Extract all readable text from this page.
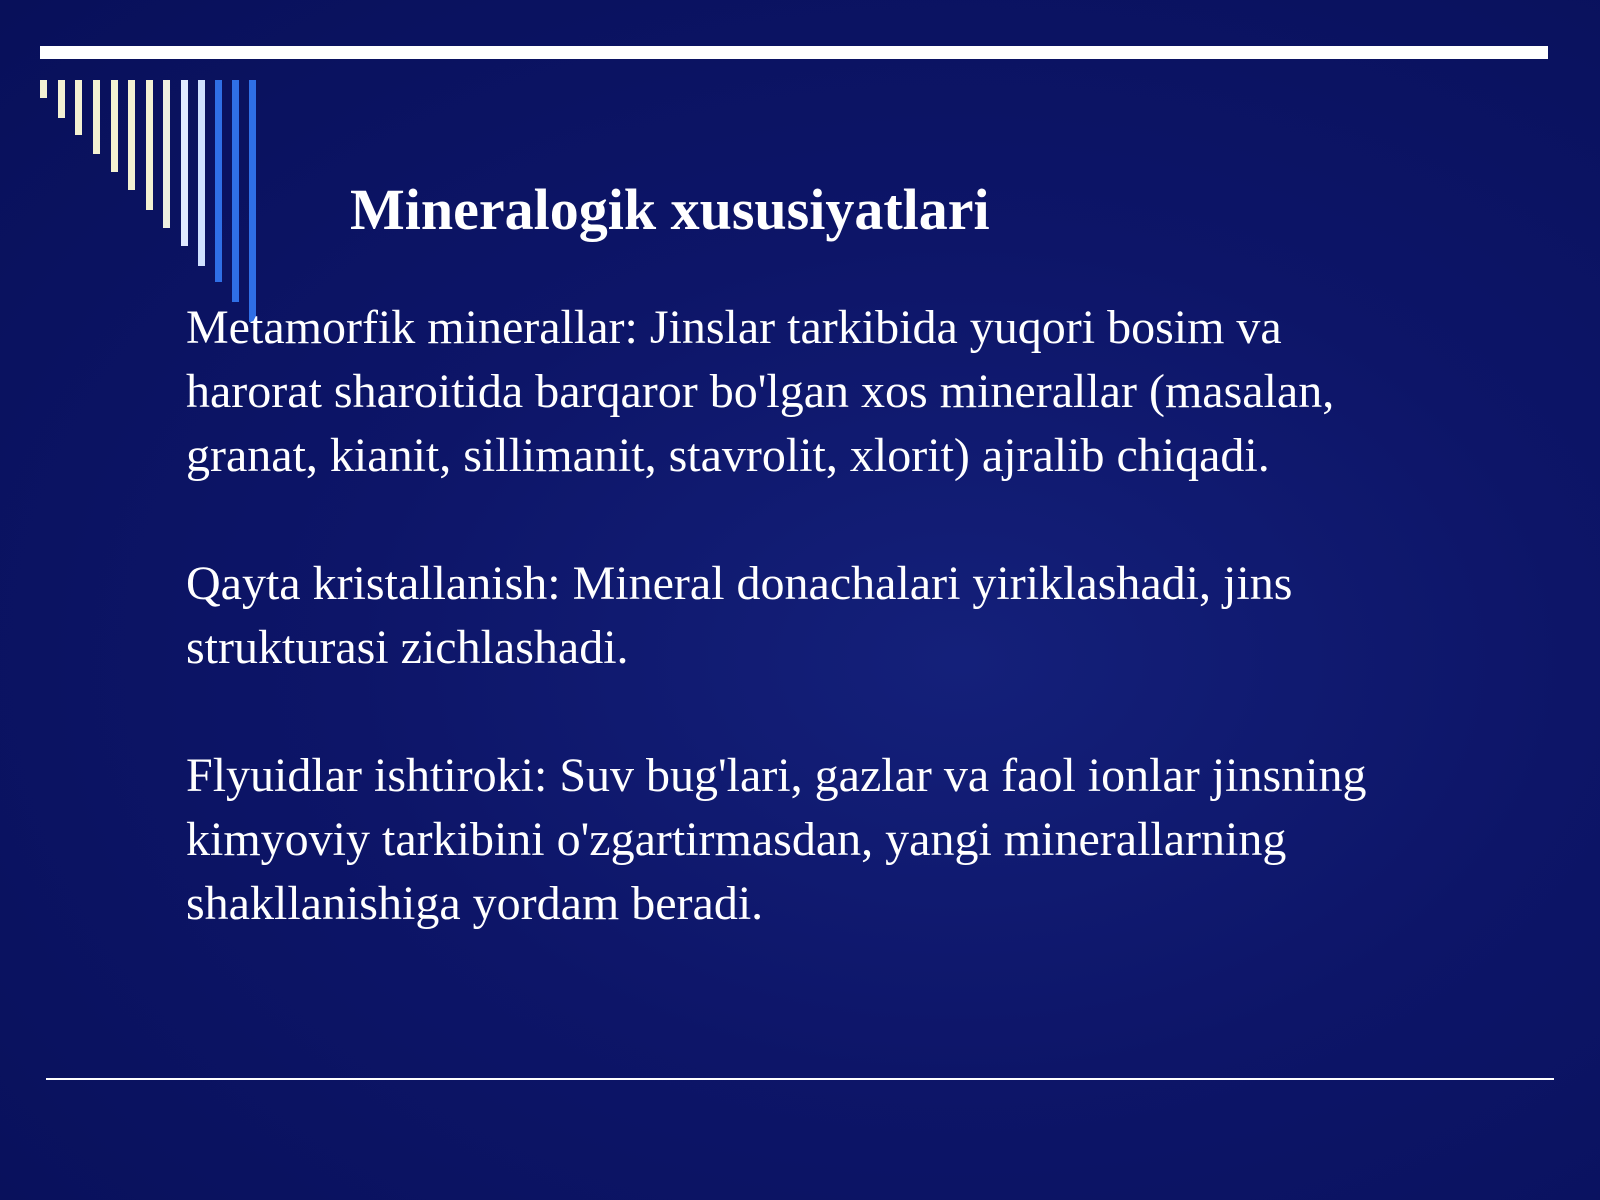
Mineralogik xususiyatlari

Metamorfik minerallar: Jinslar tarkibida yuqori bosim va harorat sharoitida barqaror bo'lgan xos minerallar (masalan, granat, kianit, sillimanit, stavrolit, xlorit) ajralib chiqadi.

Qayta kristallanish: Mineral donachalari yiriklashadi, jins strukturasi zichlashadi.

Flyuidlar ishtiroki: Suv bug'lari, gazlar va faol ionlar jinsning kimyoviy tarkibini o'zgartirmasdan, yangi minerallarning shakllanishiga yordam beradi.
